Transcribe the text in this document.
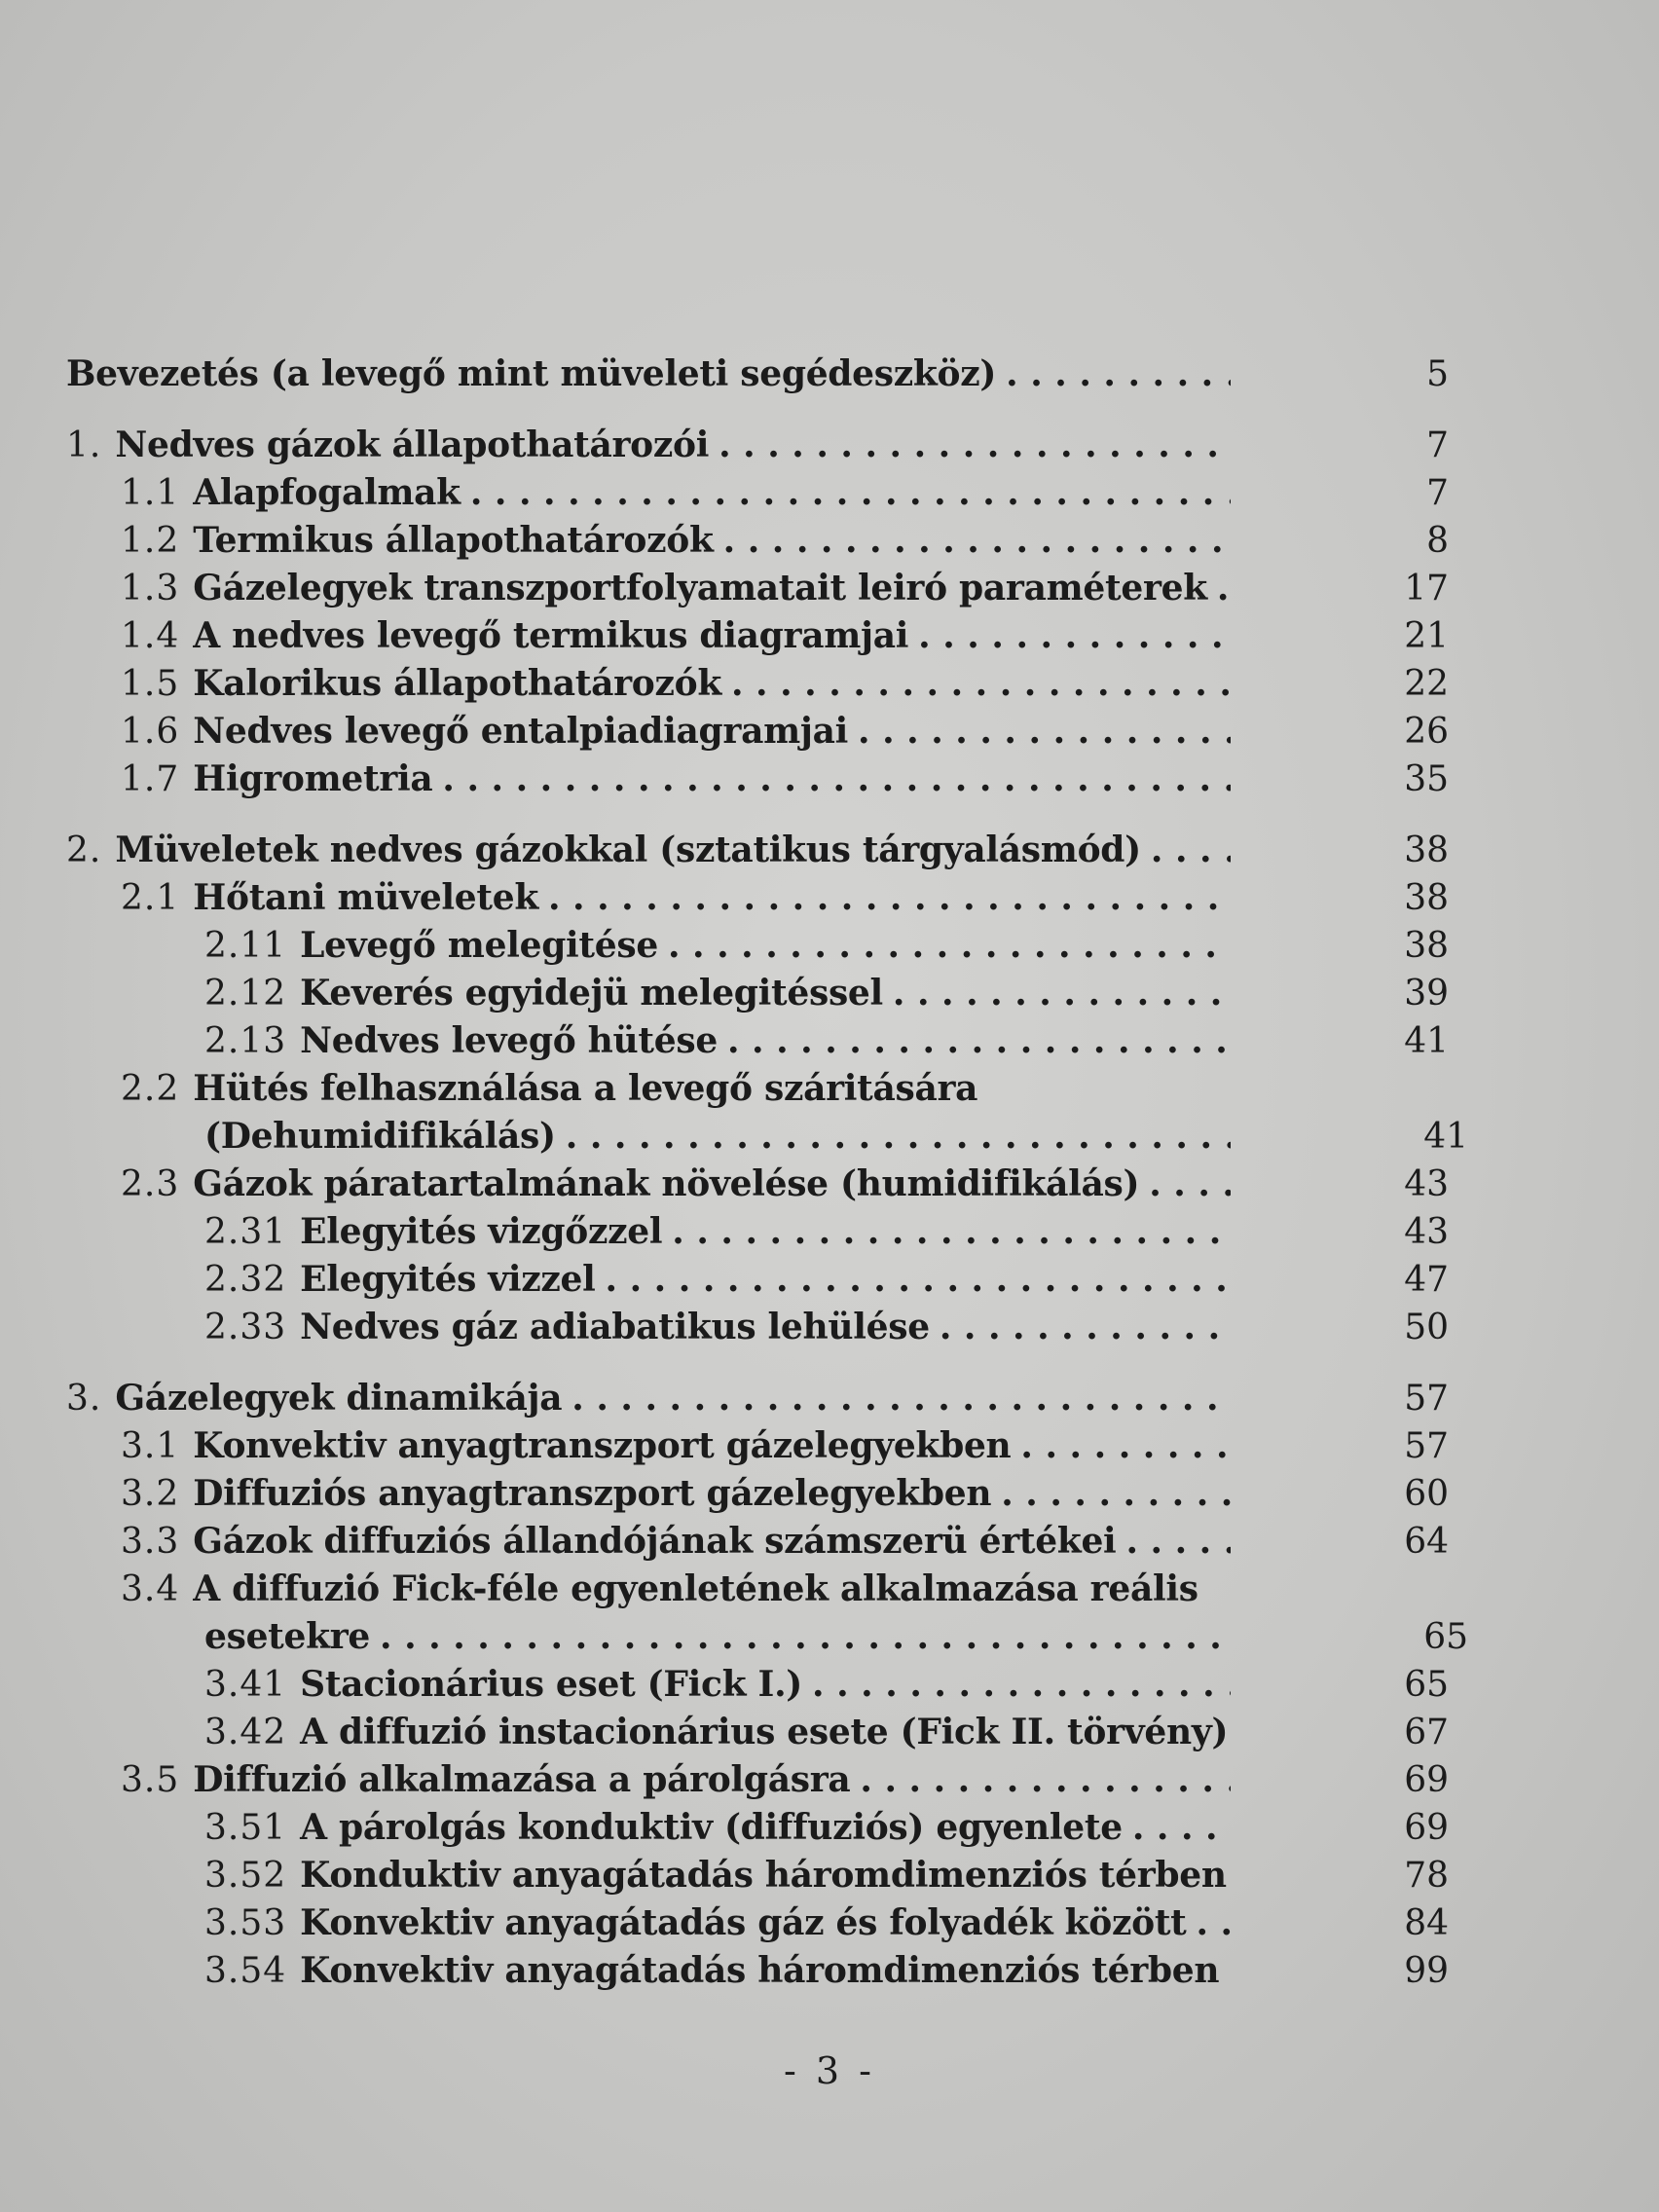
Bevezetés (a levegő mint müveleti segédeszköz) . . .	5
1. Nedves gázok állapothatározói . . .	7
1.1 Alapfogalmak . . .	7
1.2 Termikus állapothatározók . . .	8
1.3 Gázelegyek transzportfolyamatait leiró paraméterek . . .	17
1.4 A nedves levegő termikus diagramjai . . .	21
1.5 Kalorikus állapothatározók . . .	22
1.6 Nedves levegő entalpiadiagramjai . . .	26
1.7 Higrometria . . .	35
2. Müveletek nedves gázokkal (sztatikus tárgyalásmód) . . .	38
2.1 Hőtani müveletek . . .	38
2.11 Levegő melegitése . . .	38
2.12 Keverés egyidejü melegitéssel . . .	39
2.13 Nedves levegő hütése . . .	41
2.2 Hütés felhasználása a levegő száritására
(Dehumidifikálás) . . .	41
2.3 Gázok páratartalmának növelése (humidifikálás) . . .	43
2.31 Elegyités vizgőzzel . . .	43
2.32 Elegyités vizzel . . .	47
2.33 Nedves gáz adiabatikus lehülése . . .	50
3. Gázelegyek dinamikája . . .	57
3.1 Konvektiv anyagtranszport gázelegyekben . . .	57
3.2 Diffuziós anyagtranszport gázelegyekben . . .	60
3.3 Gázok diffuziós állandójának számszerü értékei . . .	64
3.4 A diffuzió Fick-féle egyenletének alkalmazása reális
esetekre . . .	65
3.41 Stacionárius eset (Fick I.) . . .	65
3.42 A diffuzió instacionárius esete (Fick II. törvény)	67
3.5 Diffuzió alkalmazása a párolgásra . . .	69
3.51 A párolgás konduktiv (diffuziós) egyenlete . . .	69
3.52 Konduktiv anyagátadás háromdimenziós térben	78
3.53 Konvektiv anyagátadás gáz és folyadék között . . .	84
3.54 Konvektiv anyagátadás háromdimenziós térben . . .	99
- 3 -
